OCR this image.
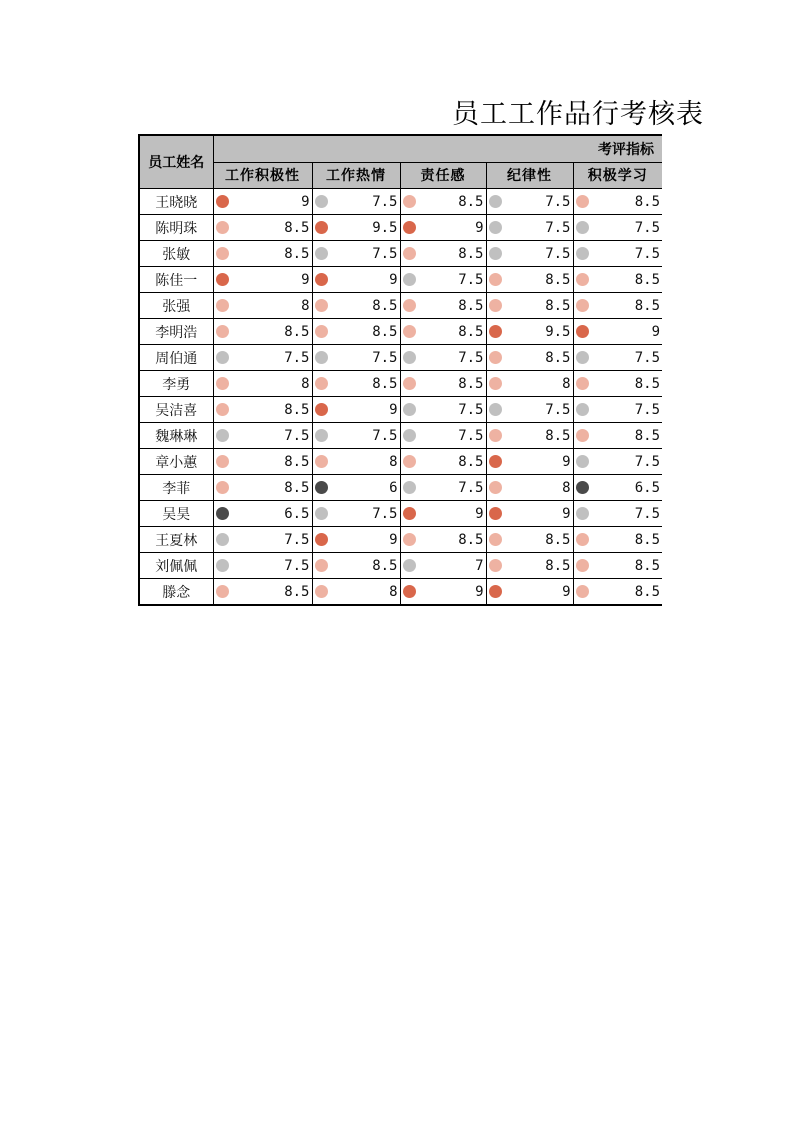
员工工作品行考核表
员工姓名	考评指标				
	工作积极性	工作热情	责任感	纪律性	积极学习
王晓晓	9	7.5	8.5	7.5	8.5
陈明珠	8.5	9.5	9	7.5	7.5
张敏	8.5	7.5	8.5	7.5	7.5
陈佳一	9	9	7.5	8.5	8.5
张强	8	8.5	8.5	8.5	8.5
李明浩	8.5	8.5	8.5	9.5	9
周伯通	7.5	7.5	7.5	8.5	7.5
李勇	8	8.5	8.5	8	8.5
吴洁喜	8.5	9	7.5	7.5	7.5
魏琳琳	7.5	7.5	7.5	8.5	8.5
章小蕙	8.5	8	8.5	9	7.5
李菲	8.5	6	7.5	8	6.5
吴昊	6.5	7.5	9	9	7.5
王夏林	7.5	9	8.5	8.5	8.5
刘佩佩	7.5	8.5	7	8.5	8.5
滕念	8.5	8	9	9	8.5
